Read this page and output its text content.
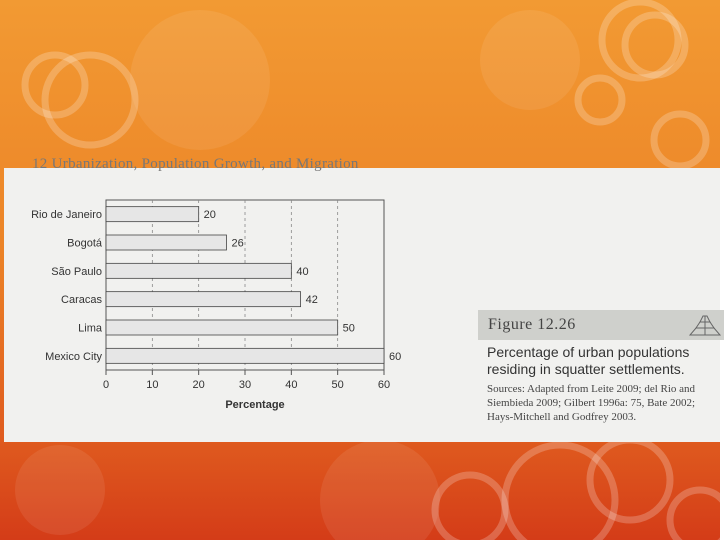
12 Urbanization, Population Growth, and Migration
0	10	20	30	40	50	60
Rio de Janeiro	20
Bogotá	26
São Paulo	40
Caracas	42
Lima	50
Mexico City	60
Percentage
Figure 12.26
Percentage of urban populations residing in squatter settlements.
Sources: Adapted from Leite 2009; del Rio and Siembieda 2009; Gilbert 1996a: 75, Bate 2002; Hays-Mitchell and Godfrey 2003.
